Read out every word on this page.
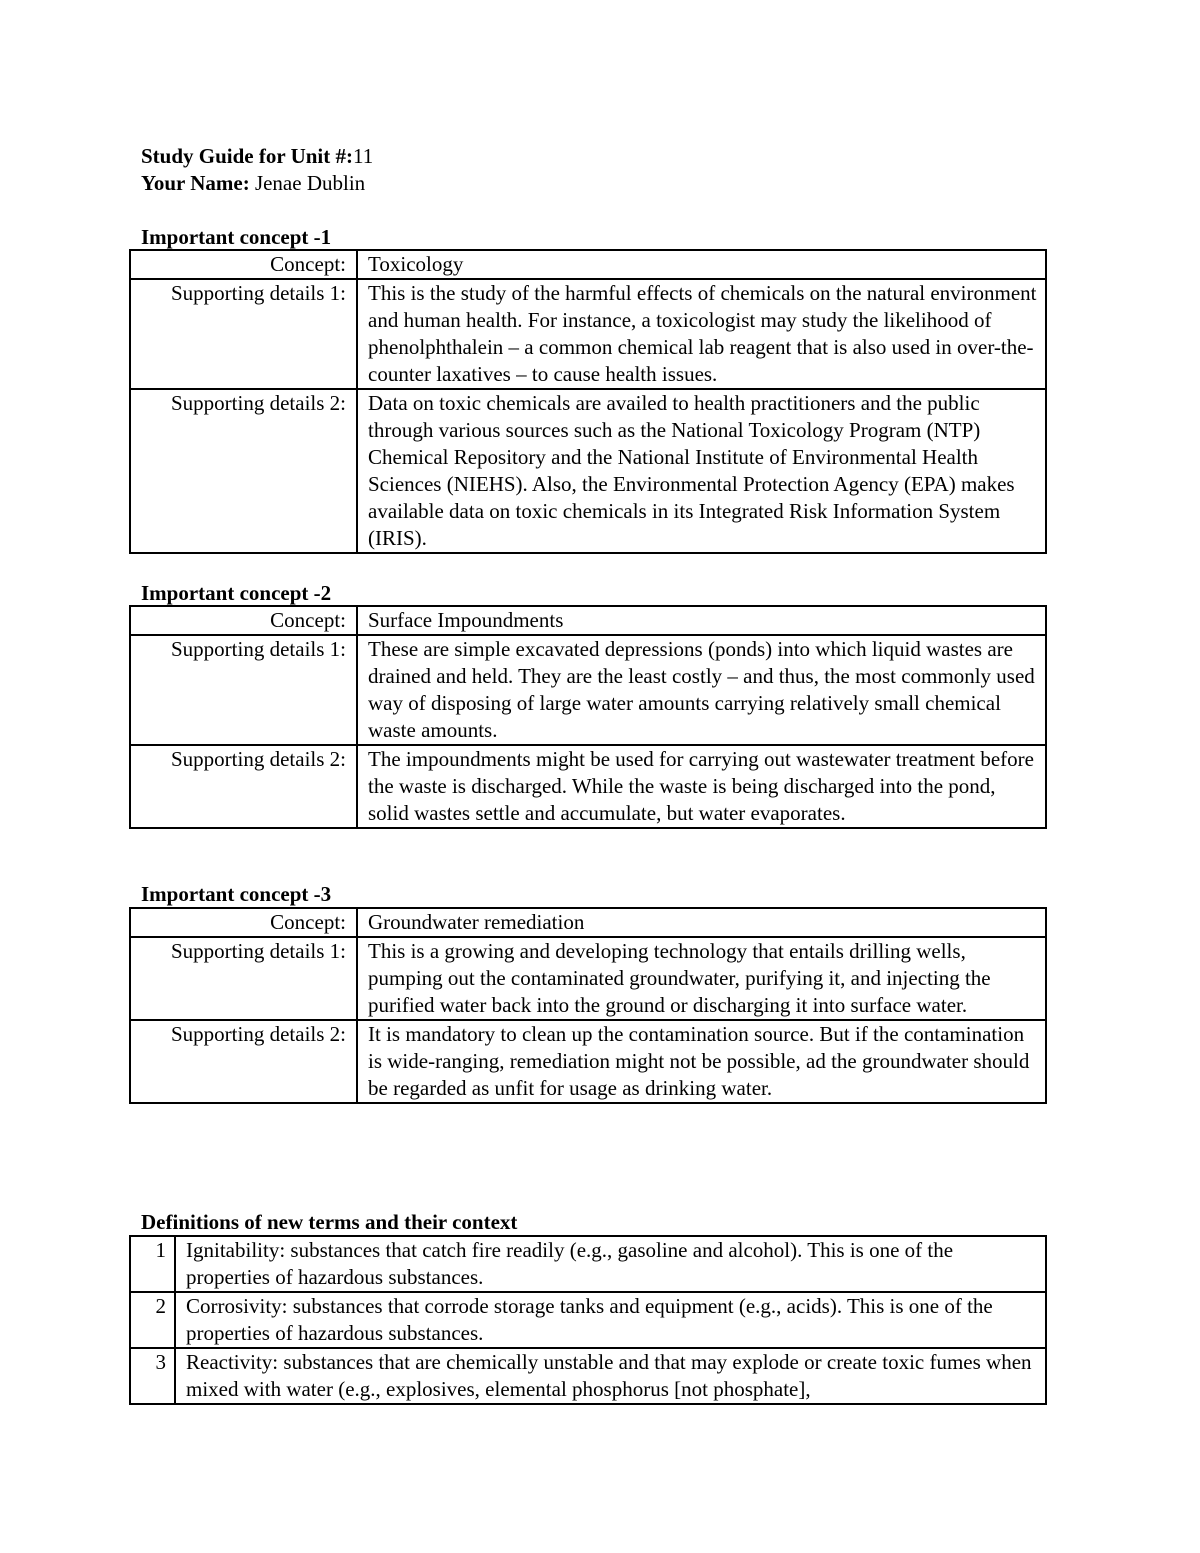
Study Guide for Unit #:11
Your Name: Jenae Dublin
Important concept -1
Concept:	Toxicology
Supporting details 1:	This is the study of the harmful effects of chemicals on the natural environment and human health. For instance, a toxicologist may study the likelihood of phenolphthalein – a common chemical lab reagent that is also used in over-the-counter laxatives – to cause health issues.
Supporting details 2:	Data on toxic chemicals are availed to health practitioners and the public through various sources such as the National Toxicology Program (NTP) Chemical Repository and the National Institute of Environmental Health Sciences (NIEHS). Also, the Environmental Protection Agency (EPA) makes available data on toxic chemicals in its Integrated Risk Information System (IRIS).
Important concept -2
Concept:	Surface Impoundments
Supporting details 1:	These are simple excavated depressions (ponds) into which liquid wastes are drained and held. They are the least costly – and thus, the most commonly used way of disposing of large water amounts carrying relatively small chemical waste amounts.
Supporting details 2:	The impoundments might be used for carrying out wastewater treatment before the waste is discharged. While the waste is being discharged into the pond, solid wastes settle and accumulate, but water evaporates.
Important concept -3
Concept:	Groundwater remediation
Supporting details 1:	This is a growing and developing technology that entails drilling wells, pumping out the contaminated groundwater, purifying it, and injecting the purified water back into the ground or discharging it into surface water.
Supporting details 2:	It is mandatory to clean up the contamination source. But if the contamination is wide-ranging, remediation might not be possible, ad the groundwater should be regarded as unfit for usage as drinking water.
Definitions of new terms and their context
1	Ignitability: substances that catch fire readily (e.g., gasoline and alcohol). This is one of the properties of hazardous substances.
2	Corrosivity: substances that corrode storage tanks and equipment (e.g., acids). This is one of the properties of hazardous substances.
3	Reactivity: substances that are chemically unstable and that may explode or create toxic fumes when mixed with water (e.g., explosives, elemental phosphorus [not phosphate],
